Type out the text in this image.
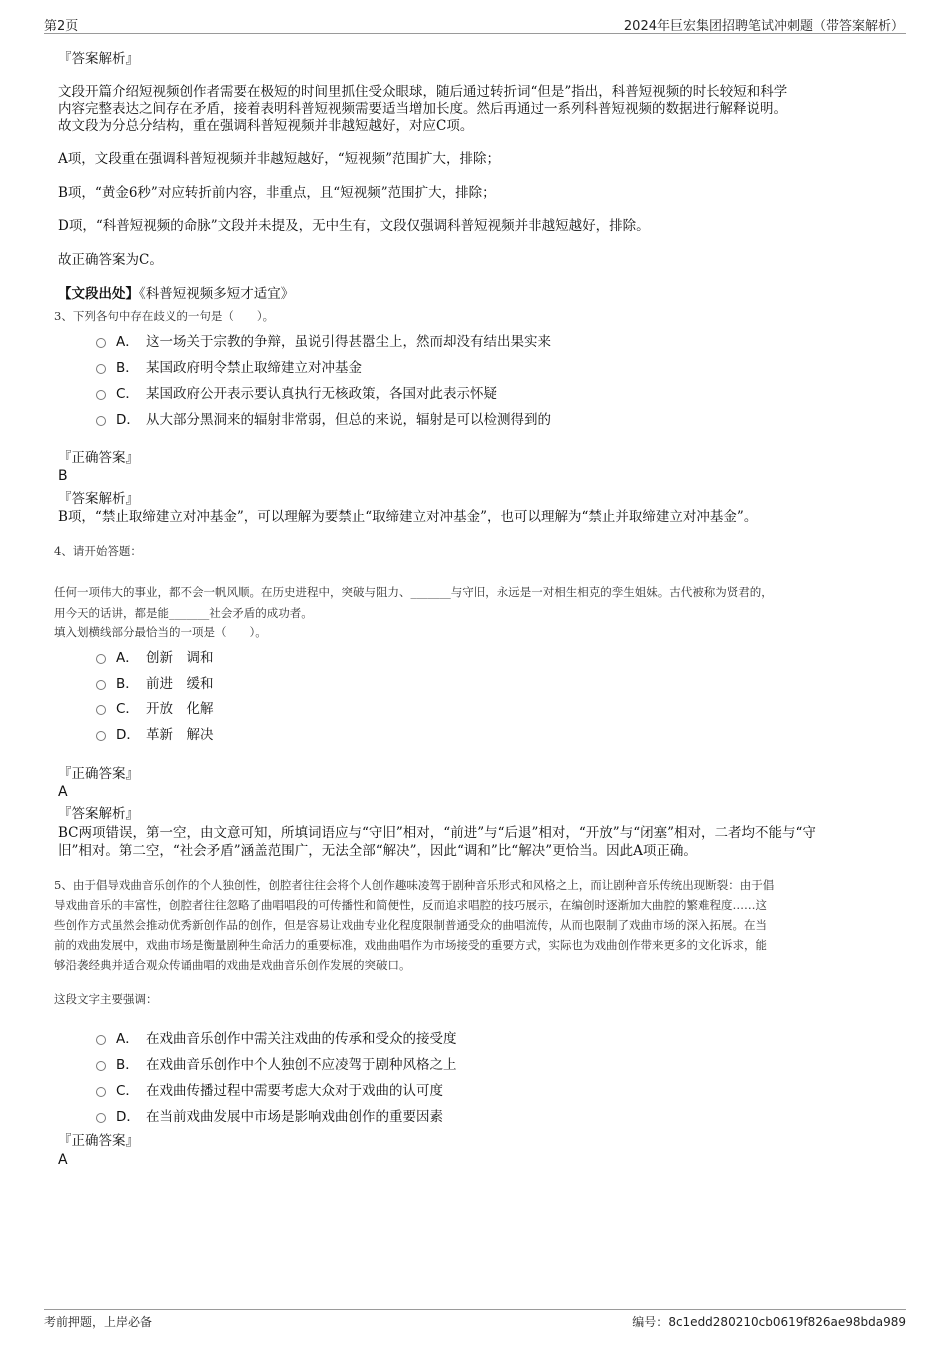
第2页	2024年巨宏集团招聘笔试冲刺题（带答案解析）
『答案解析』
文段开篇介绍短视频创作者需要在极短的时间里抓住受众眼球，随后通过转折词“但是”指出，科普短视频的时长较短和科学
内容完整表达之间存在矛盾，接着表明科普短视频需要适当增加长度。然后再通过一系列科普短视频的数据进行解释说明。
故文段为分总分结构，重在强调科普短视频并非越短越好，对应C项。
A项，文段重在强调科普短视频并非越短越好，“短视频”范围扩大，排除；
B项，“黄金6秒”对应转折前内容，非重点，且“短视频”范围扩大，排除；
D项，“科普短视频的命脉”文段并未提及，无中生有，文段仅强调科普短视频并非越短越好，排除。
故正确答案为C。
【文段出处】《科普短视频多短才适宜》
3、下列各句中存在歧义的一句是（　　）。
A． 这一场关于宗教的争辩，虽说引得甚嚣尘上，然而却没有结出果实来
B． 某国政府明令禁止取缔建立对冲基金
C． 某国政府公开表示要认真执行无核政策，各国对此表示怀疑
D． 从大部分黑洞来的辐射非常弱，但总的来说，辐射是可以检测得到的
『正确答案』
B
『答案解析』
B项，“禁止取缔建立对冲基金”，可以理解为要禁止“取缔建立对冲基金”，也可以理解为“禁止并取缔建立对冲基金”。
4、请开始答题：
任何一项伟大的事业，都不会一帆风顺。在历史进程中，突破与阻力、_______与守旧，永远是一对相生相克的孪生姐妹。古代被称为贤君的，
用今天的话讲，都是能_______社会矛盾的成功者。
填入划横线部分最恰当的一项是（　　）。
A． 创新　调和
B． 前进　缓和
C． 开放　化解
D． 革新　解决
『正确答案』
A
『答案解析』
BC两项错误，第一空，由文意可知，所填词语应与“守旧”相对，“前进”与“后退”相对，“开放”与“闭塞”相对，二者均不能与“守
旧”相对。第二空，“社会矛盾”涵盖范围广，无法全部“解决”，因此“调和”比“解决”更恰当。因此A项正确。
5、由于倡导戏曲音乐创作的个人独创性，创腔者往往会将个人创作趣味凌驾于剧种音乐形式和风格之上，而让剧种音乐传统出现断裂：由于倡
导戏曲音乐的丰富性，创腔者往往忽略了曲唱唱段的可传播性和简便性，反而追求唱腔的技巧展示，在编创时逐渐加大曲腔的繁难程度……这
些创作方式虽然会推动优秀新创作品的创作，但是容易让戏曲专业化程度限制普通受众的曲唱流传，从而也限制了戏曲市场的深入拓展。在当
前的戏曲发展中，戏曲市场是衡量剧种生命活力的重要标准，戏曲曲唱作为市场接受的重要方式，实际也为戏曲创作带来更多的文化诉求，能
够沿袭经典并适合观众传诵曲唱的戏曲是戏曲音乐创作发展的突破口。
这段文字主要强调：
A． 在戏曲音乐创作中需关注戏曲的传承和受众的接受度
B． 在戏曲音乐创作中个人独创不应凌驾于剧种风格之上
C． 在戏曲传播过程中需要考虑大众对于戏曲的认可度
D． 在当前戏曲发展中市场是影响戏曲创作的重要因素
『正确答案』
A
考前押题，上岸必备	编号：8c1edd280210cb0619f826ae98bda989
